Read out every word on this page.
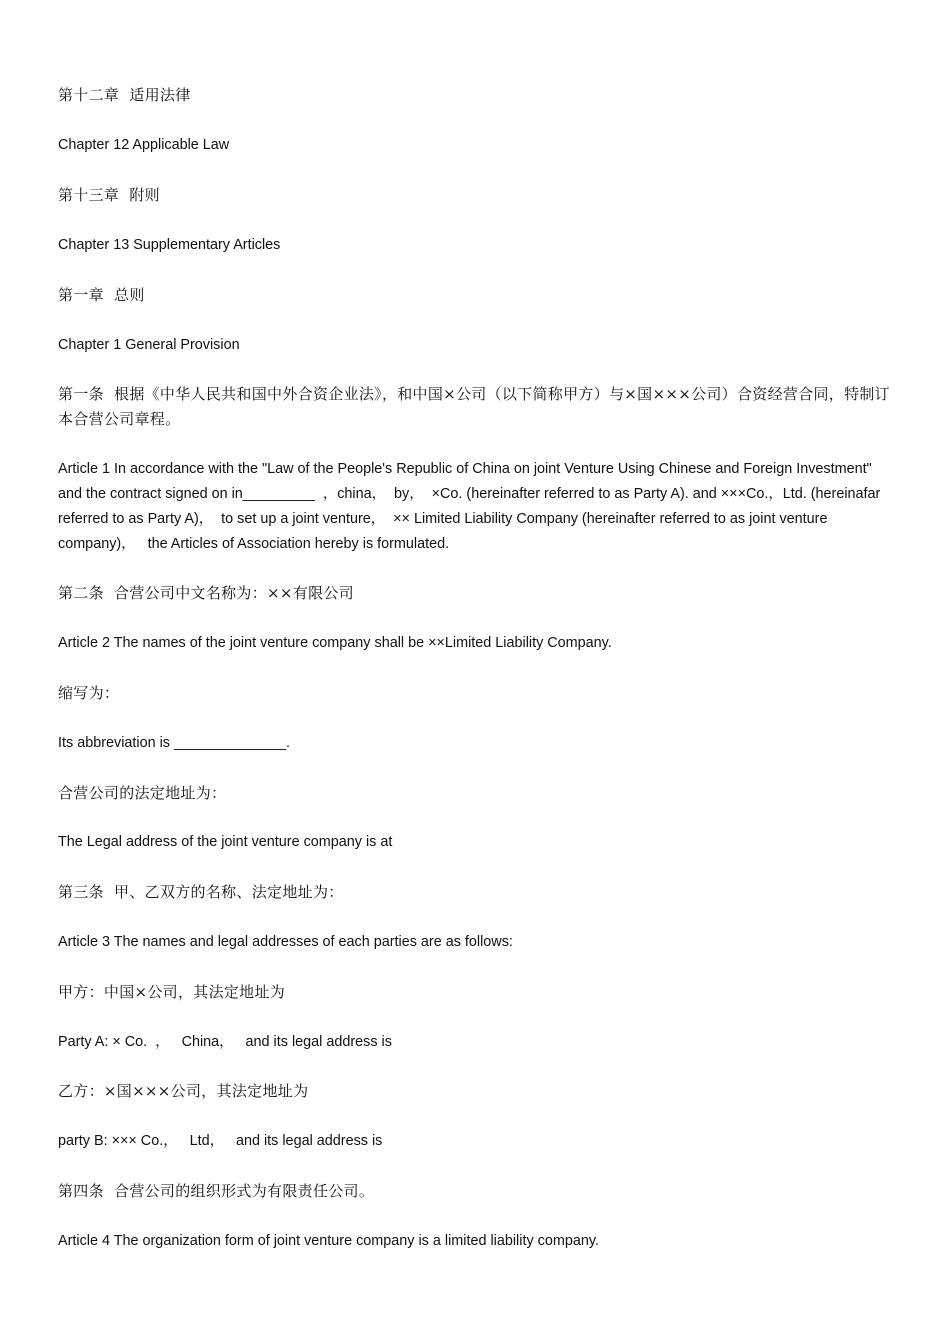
第十二章  适用法律

Chapter 12 Applicable Law

第十三章  附则

Chapter 13 Supplementary Articles

第一章  总则

Chapter 1 General Provision

第一条  根据《中华人民共和国中外合资企业法》，和中国×公司（以下简称甲方）与×国×××公司）合资经营合同，特制订本合营公司章程。

Article 1 In accordance with the "Law of the People's Republic of China on joint Venture Using Chinese and Foreign Investment" and the contract signed on in_________  ，china，  by，  ×Co. (hereinafter referred to as Party A). and ×××Co.，Ltd. (hereinafar referred to as Party A)，  to set up a joint venture，  ×× Limited Liability Company (hereinafter referred to as joint venture company)，   the Articles of Association hereby is formulated.

第二条  合营公司中文名称为：××有限公司

Article 2 The names of the joint venture company shall be ××Limited Liability Company.

缩写为：

Its abbreviation is ______________.

合营公司的法定地址为：

The Legal address of the joint venture company is at

第三条  甲、乙双方的名称、法定地址为：

Article 3 The names and legal addresses of each parties are as follows:

甲方：中国×公司，其法定地址为

Party A: × Co.  ，   China，   and its legal address is

乙方：×国×××公司，其法定地址为

party B: ××× Co.，   Ltd，   and its legal address is

第四条  合营公司的组织形式为有限责任公司。

Article 4 The organization form of joint venture company is a limited liability company.
